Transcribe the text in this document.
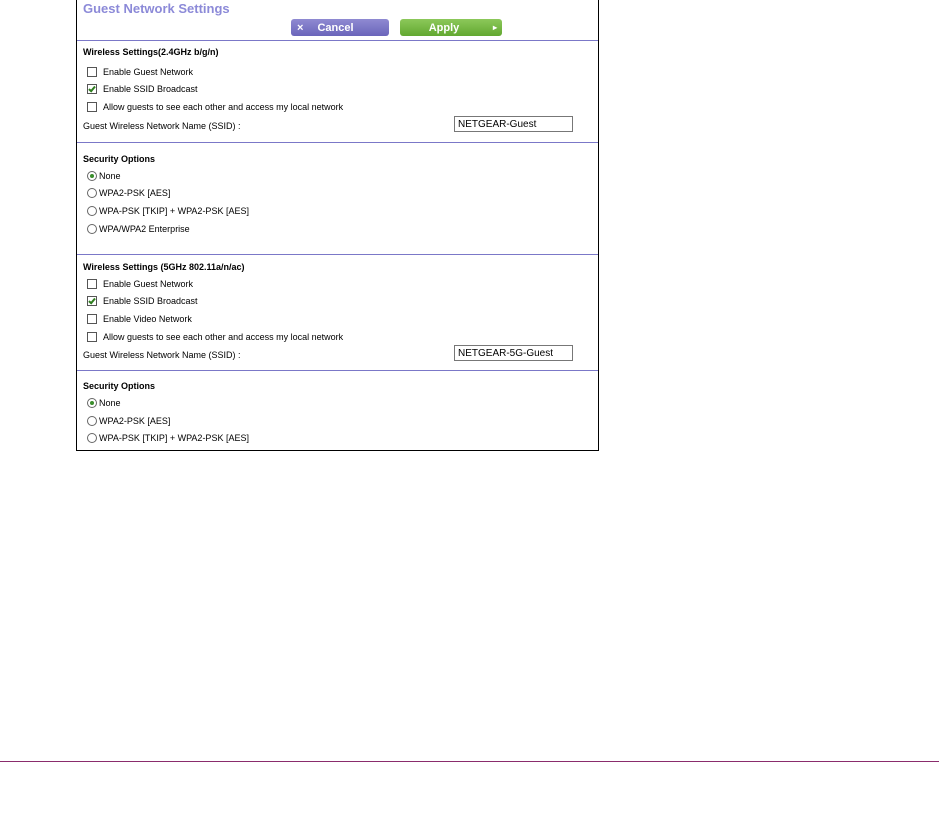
Guest Network Settings
× Cancel	Apply	▸
Wireless Settings(2.4GHz b/g/n)
Enable Guest Network
Enable SSID Broadcast
Allow guests to see each other and access my local network
Guest Wireless Network Name (SSID) :
NETGEAR-Guest
Security Options
None
WPA2-PSK [AES]
WPA-PSK [TKIP] + WPA2-PSK [AES]
WPA/WPA2 Enterprise
Wireless Settings (5GHz 802.11a/n/ac)
Enable Guest Network
Enable SSID Broadcast
Enable Video Network
Allow guests to see each other and access my local network
Guest Wireless Network Name (SSID) :
NETGEAR-5G-Guest
Security Options
None
WPA2-PSK [AES]
WPA-PSK [TKIP] + WPA2-PSK [AES]
